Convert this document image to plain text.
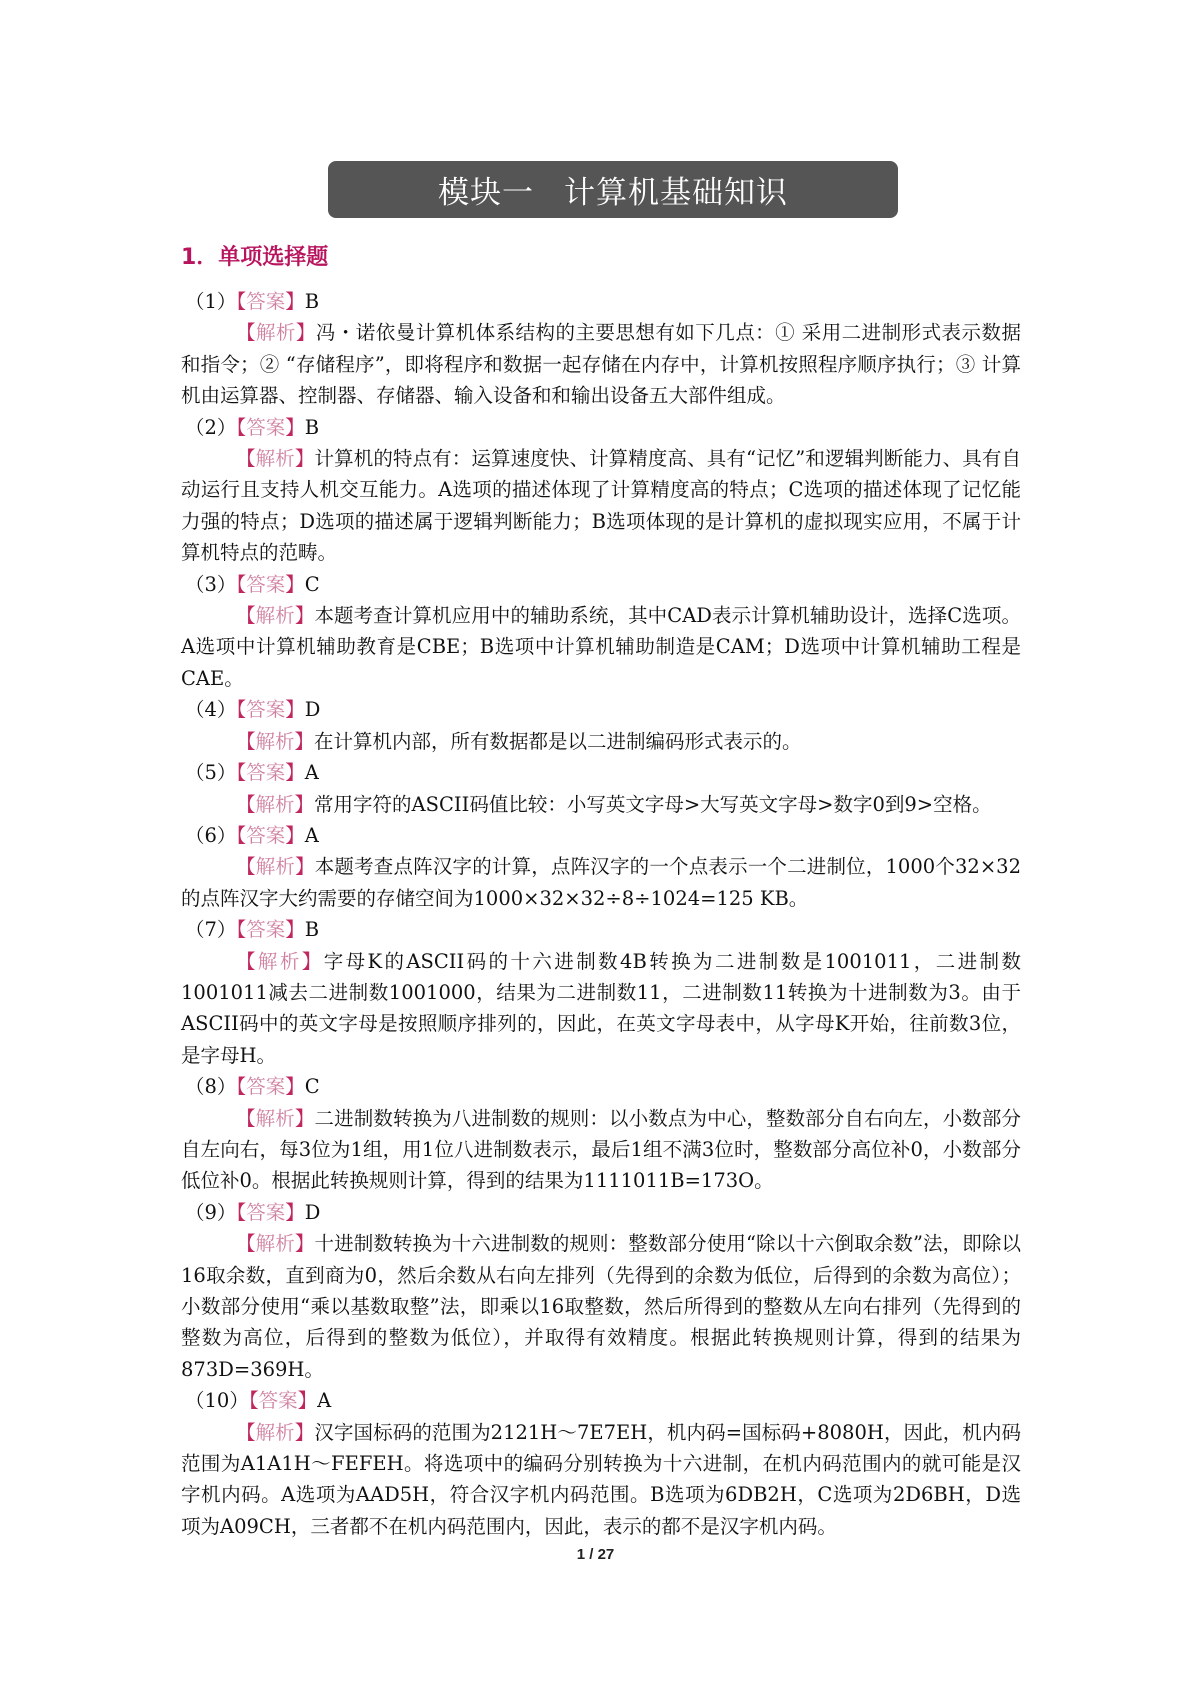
模块一 计算机基础知识
1．单项选择题
（1）【答案】B
【解析】冯・诺依曼计算机体系结构的主要思想有如下几点：① 采用二进制形式表示数据和指令；② “存储程序”，即将程序和数据一起存储在内存中，计算机按照程序顺序执行；③ 计算机由运算器、控制器、存储器、输入设备和和输出设备五大部件组成。
（2）【答案】B
【解析】计算机的特点有：运算速度快、计算精度高、具有“记忆”和逻辑判断能力、具有自动运行且支持人机交互能力。A选项的描述体现了计算精度高的特点；C选项的描述体现了记忆能力强的特点；D选项的描述属于逻辑判断能力；B选项体现的是计算机的虚拟现实应用，不属于计算机特点的范畴。
（3）【答案】C
【解析】本题考查计算机应用中的辅助系统，其中CAD表示计算机辅助设计，选择C选项。A选项中计算机辅助教育是CBE；B选项中计算机辅助制造是CAM；D选项中计算机辅助工程是CAE。
（4）【答案】D
【解析】在计算机内部，所有数据都是以二进制编码形式表示的。
（5）【答案】A
【解析】常用字符的ASCII码值比较：小写英文字母>大写英文字母>数字0到9>空格。
（6）【答案】A
【解析】本题考查点阵汉字的计算，点阵汉字的一个点表示一个二进制位，1000个32×32的点阵汉字大约需要的存储空间为1000×32×32÷8÷1024=125 KB。
（7）【答案】B
【解析】字母K的ASCII码的十六进制数4B转换为二进制数是1001011，二进制数1001011减去二进制数1001000，结果为二进制数11，二进制数11转换为十进制数为3。由于ASCII码中的英文字母是按照顺序排列的，因此，在英文字母表中，从字母K开始，往前数3位，是字母H。
（8）【答案】C
【解析】二进制数转换为八进制数的规则：以小数点为中心，整数部分自右向左，小数部分自左向右，每3位为1组，用1位八进制数表示，最后1组不满3位时，整数部分高位补0，小数部分低位补0。根据此转换规则计算，得到的结果为1111011B=173O。
（9）【答案】D
【解析】十进制数转换为十六进制数的规则：整数部分使用“除以十六倒取余数”法，即除以16取余数，直到商为0，然后余数从右向左排列（先得到的余数为低位，后得到的余数为高位）；小数部分使用“乘以基数取整”法，即乘以16取整数，然后所得到的整数从左向右排列（先得到的整数为高位，后得到的整数为低位），并取得有效精度。根据此转换规则计算，得到的结果为873D=369H。
（10）【答案】A
【解析】汉字国标码的范围为2121H～7E7EH，机内码=国标码+8080H，因此，机内码范围为A1A1H～FEFEH。将选项中的编码分别转换为十六进制，在机内码范围内的就可能是汉字机内码。A选项为AAD5H，符合汉字机内码范围。B选项为6DB2H，C选项为2D6BH，D选项为A09CH，三者都不在机内码范围内，因此，表示的都不是汉字机内码。
1 / 27
